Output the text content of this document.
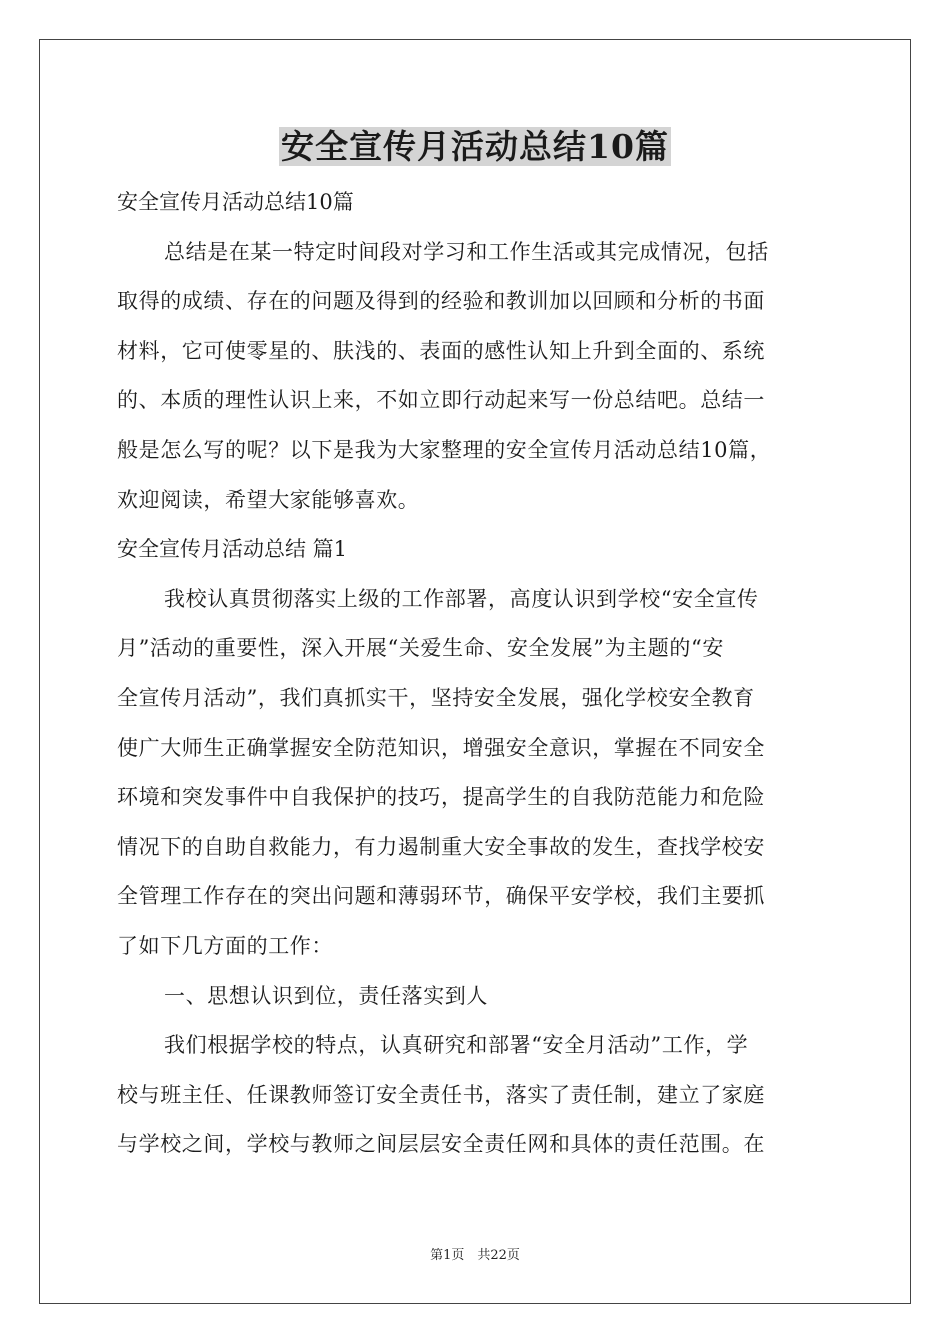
安全宣传月活动总结10篇
安全宣传月活动总结10篇
总结是在某一特定时间段对学习和工作生活或其完成情况，包括
取得的成绩、存在的问题及得到的经验和教训加以回顾和分析的书面
材料，它可使零星的、肤浅的、表面的感性认知上升到全面的、系统
的、本质的理性认识上来，不如立即行动起来写一份总结吧。总结一
般是怎么写的呢？以下是我为大家整理的安全宣传月活动总结10篇，
欢迎阅读，希望大家能够喜欢。
安全宣传月活动总结 篇1
我校认真贯彻落实上级的工作部署，高度认识到学校“安全宣传
月”活动的重要性，深入开展“关爱生命、安全发展”为主题的“安
全宣传月活动”，我们真抓实干，坚持安全发展，强化学校安全教育
使广大师生正确掌握安全防范知识，增强安全意识，掌握在不同安全
环境和突发事件中自我保护的技巧，提高学生的自我防范能力和危险
情况下的自助自救能力，有力遏制重大安全事故的发生，查找学校安
全管理工作存在的突出问题和薄弱环节，确保平安学校，我们主要抓
了如下几方面的工作：
一、思想认识到位，责任落实到人
我们根据学校的特点，认真研究和部署“安全月活动”工作，学
校与班主任、任课教师签订安全责任书，落实了责任制，建立了家庭
与学校之间，学校与教师之间层层安全责任网和具体的责任范围。在
第1页　共22页
